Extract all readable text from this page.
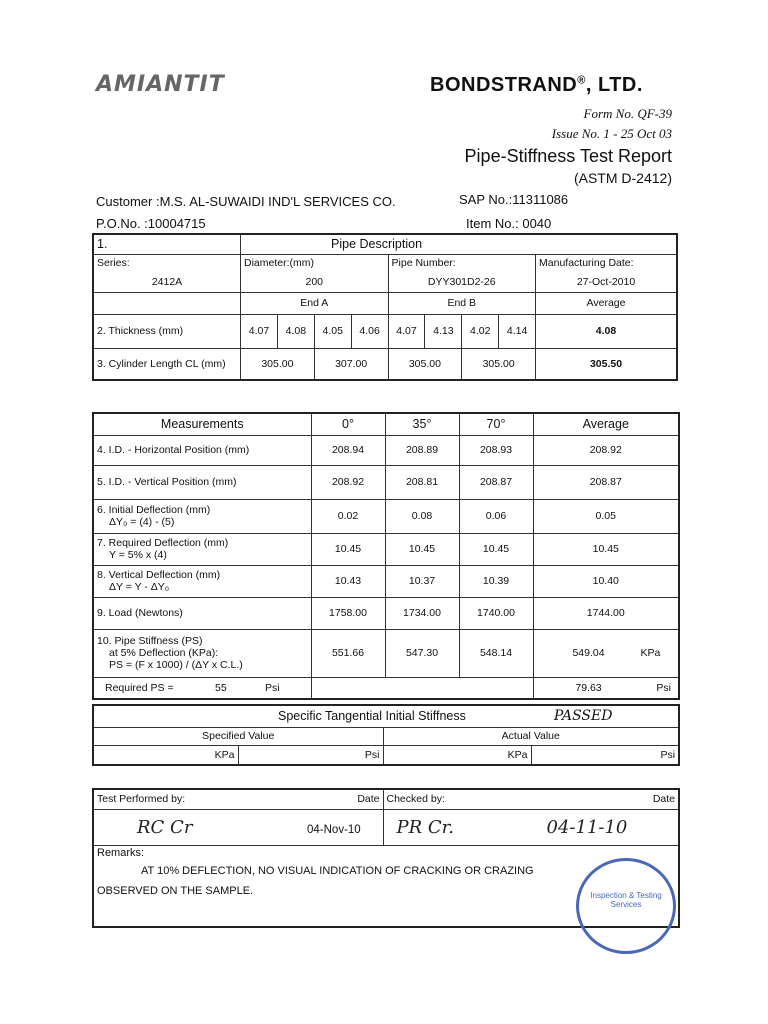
AMIANTIT	BONDSTRAND®, LTD.
Form No. QF-39
Issue No. 1 - 25 Oct 03
Pipe-Stiffness Test Report
(ASTM D-2412)
Customer :M.S. AL-SUWAIDI IND'L SERVICES CO.
P.O.No. :10004715
SAP No.:11311086
Item No.: 0040
1.	Pipe Description								
Series:	Diameter:(mm)				Pipe Number:				Manufacturing Date:
2412A	200				DYY301D2-26				27-Oct-2010
	End A				End B				Average
2. Thickness (mm)	4.07	4.08	4.05	4.06	4.07	4.13	4.02	4.14	4.08
3. Cylinder Length CL (mm)	305.00		307.00		305.00		305.00		305.50
Measurements	0°	35°	70°	Average
4. I.D. - Horizontal Position (mm)	208.94	208.89	208.93	208.92
5. I.D. - Vertical Position (mm)	208.92	208.81	208.87	208.87

6. Initial Deflection (mm)
ΔY₀ = (4) - (5)	0.02	0.08	0.06	0.05

7. Required Deflection (mm)
Y = 5% x (4)	10.45	10.45	10.45	10.45

8. Vertical Deflection (mm)
ΔY = Y - ΔY₀	10.43	10.37	10.39	10.40
9. Load (Newtons)	1758.00	1734.00	1740.00	1744.00

10. Pipe Stiffness (PS)
at 5% Deflection (KPa):
PS = (F x 1000) / (ΔY x C.L.)	551.66	547.30	548.14	549.04 KPa
Required PS = 55 Psi				79.63 Psi
Specific Tangential Initial Stiffness PASSED			
Specified Value		Actual Value	
KPa	Psi	KPa	Psi
Test Performed by: Date	Checked by: Date

RC Cr 04-Nov-10	PR Cr. 04-11-10

Remarks:
AT 10% DEFLECTION, NO VISUAL INDICATION OF CRACKING OR CRAZING
OBSERVED ON THE SAMPLE.		Inspection & Testing Services
